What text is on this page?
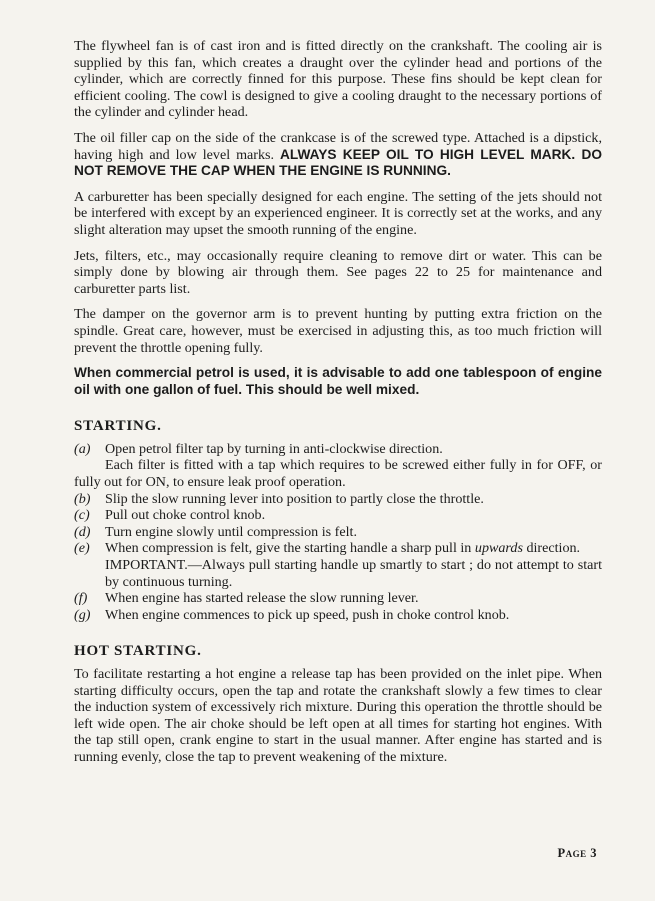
The flywheel fan is of cast iron and is fitted directly on the crankshaft. The cooling air is supplied by this fan, which creates a draught over the cylinder head and portions of the cylinder, which are correctly finned for this purpose. These fins should be kept clean for efficient cooling. The cowl is designed to give a cooling draught to the necessary portions of the cylinder and cylinder head.

The oil filler cap on the side of the crankcase is of the screwed type. Attached is a dipstick, having high and low level marks. ALWAYS KEEP OIL TO HIGH LEVEL MARK. DO NOT REMOVE THE CAP WHEN THE ENGINE IS RUNNING.

A carburetter has been specially designed for each engine. The setting of the jets should not be interfered with except by an experienced engineer. It is correctly set at the works, and any slight alteration may upset the smooth running of the engine.

Jets, filters, etc., may occasionally require cleaning to remove dirt or water. This can be simply done by blowing air through them. See pages 22 to 25 for maintenance and carburetter parts list.

The damper on the governor arm is to prevent hunting by putting extra friction on the spindle. Great care, however, must be exercised in adjusting this, as too much friction will prevent the throttle opening fully.

When commercial petrol is used, it is advisable to add one tablespoon of engine oil with one gallon of fuel. This should be well mixed.

STARTING.
(a)	Open petrol filter tap by turning in anti-clockwise direction.
Each filter is fitted with a tap which requires to be screwed either fully in for OFF, or fully out for ON, to ensure leak proof operation.
(b)	Slip the slow running lever into position to partly close the throttle.
(c)	Pull out choke control knob.
(d)	Turn engine slowly until compression is felt.
(e)	When compression is felt, give the starting handle a sharp pull in upwards direction.
IMPORTANT.—Always pull starting handle up smartly to start ; do not attempt to start by continuous turning.
(f)	When engine has started release the slow running lever.
(g)	When engine commences to pick up speed, push in choke control knob.
HOT STARTING.

To facilitate restarting a hot engine a release tap has been provided on the inlet pipe. When starting difficulty occurs, open the tap and rotate the crankshaft slowly a few times to clear the induction system of excessively rich mixture. During this operation the throttle should be left wide open. The air choke should be left open at all times for starting hot engines. With the tap still open, crank engine to start in the usual manner. After engine has started and is running evenly, close the tap to prevent weakening of the mixture.

Page 3
